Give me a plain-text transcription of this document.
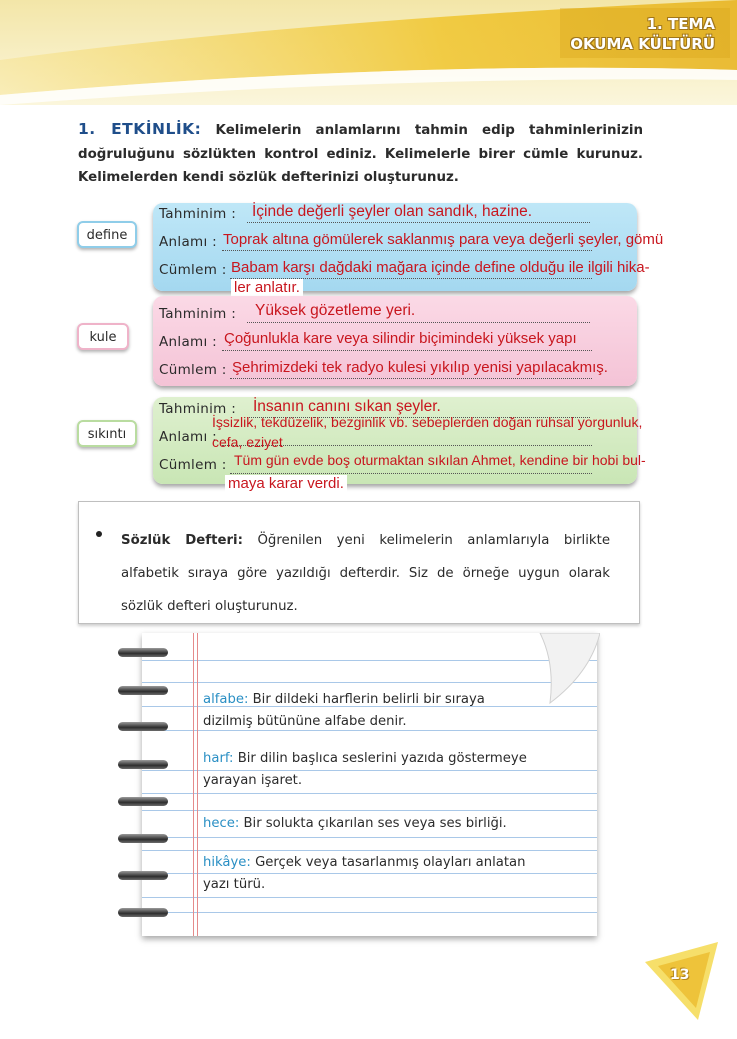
1. TEMA
OKUMA KÜLTÜRÜ
1. ETKİNLİK: Kelimelerin anlamlarını tahmin edip tahminlerinizin doğruluğunu sözlükten kontrol ediniz. Kelimelerle birer cümle kurunuz. Kelimelerden kendi sözlük defterinizi oluşturunuz.
define
Tahminim :
Anlamı :
Cümlem :
İçinde değerli şeyler olan sandık, hazine.
Toprak altına gömülerek saklanmış para veya değerli şeyler, gömü
Babam karşı dağdaki mağara içinde define olduğu ile ilgili hika-
ler anlatır.
kule
Tahminim :
Anlamı :
Cümlem :
Yüksek gözetleme yeri.
Çoğunlukla kare veya silindir biçimindeki yüksek yapı
Şehrimizdeki tek radyo kulesi yıkılıp yenisi yapılacakmış.
sıkıntı
Tahminim :
Anlamı :
Cümlem :
İnsanın canını sıkan şeyler.
İşsizlik, tekdüzelik, bezginlik vb. sebeplerden doğan ruhsal yorgunluk,
cefa, eziyet
Tüm gün evde boş oturmaktan sıkılan Ahmet, kendine bir hobi bul-
maya karar verdi.
Sözlük Defteri: Öğrenilen yeni kelimelerin anlamlarıyla birlikte alfabetik sıraya göre yazıldığı defterdir. Siz de örneğe uygun olarak sözlük defteri oluşturunuz.
alfabe: Bir dildeki harflerin belirli bir sıraya
dizilmiş bütününe alfabe denir.
harf: Bir dilin başlıca seslerini yazıda göstermeye
yarayan işaret.
hece: Bir solukta çıkarılan ses veya ses birliği.
hikâye: Gerçek veya tasarlanmış olayları anlatan
yazı türü.
13
